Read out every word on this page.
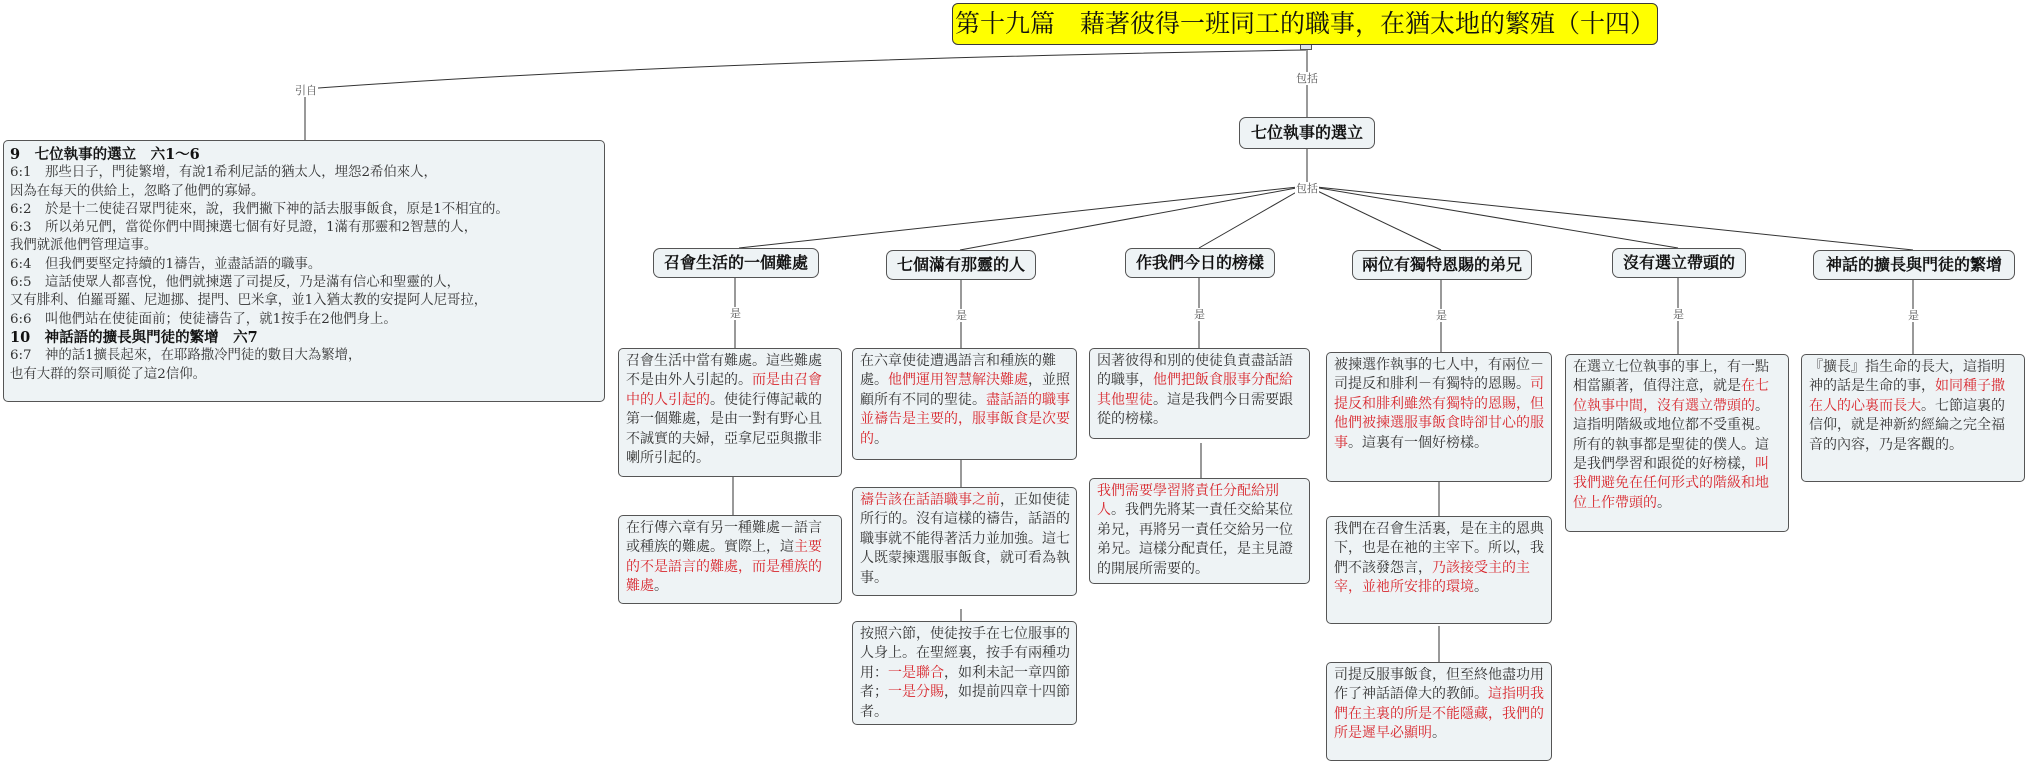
第十九篇　藉著彼得一班同工的職事，在猶太地的繁殖（十四）
引自
包括
包括
是	是	是	是	是	是
9　七位執事的選立　六1～6
6:1　那些日子，門徒繁增，有說1希利尼話的猶太人，埋怨2希伯來人，
因為在每天的供給上，忽略了他們的寡婦。
6:2　於是十二使徒召眾門徒來，說，我們撇下神的話去服事飯食，原是1不相宜的。
6:3　所以弟兄們，當從你們中間揀選七個有好見證，1滿有那靈和2智慧的人，
我們就派他們管理這事。
6:4　但我們要堅定持續的1禱告，並盡話語的職事。
6:5　這話使眾人都喜悅，他們就揀選了司提反，乃是滿有信心和聖靈的人，
又有腓利、伯羅哥羅、尼迦挪、提門、巴米拿，並1入猶太教的安提阿人尼哥拉，
6:6　叫他們站在使徒面前；使徒禱告了，就1按手在2他們身上。
10　神話語的擴長與門徒的繁增　六7
6:7　神的話1擴長起來，在耶路撒冷門徒的數目大為繁增，
也有大群的祭司順從了這2信仰。
七位執事的選立
召會生活的一個難處	七個滿有那靈的人	作我們今日的榜樣	兩位有獨特恩賜的弟兄	沒有選立帶頭的	神話的擴長與門徒的繁增
召會生活中當有難處。這些難處不是由外人引起的。而是由召會中的人引起的。使徒行傳記載的第一個難處，是由一對有野心且不誠實的夫婦，亞拿尼亞與撒非喇所引起的。
在行傳六章有另一種難處－語言或種族的難處。實際上，這主要的不是語言的難處，而是種族的難處。
在六章使徒遭遇語言和種族的難處。他們運用智慧解決難處，並照顧所有不同的聖徒。盡話語的職事並禱告是主要的，服事飯食是次要的。
禱告該在話語職事之前，正如使徒所行的。沒有這樣的禱告，話語的職事就不能得著活力並加強。這七人既蒙揀選服事飯食，就可看為執事。
按照六節，使徒按手在七位服事的人身上。在聖經裏，按手有兩種功用：一是聯合，如利未記一章四節者；一是分賜，如提前四章十四節者。
因著彼得和別的使徒負責盡話語的職事，他們把飯食服事分配給其他聖徒。這是我們今日需要跟從的榜樣。
我們需要學習將責任分配給別人。我們先將某一責任交給某位弟兄，再將另一責任交給另一位弟兄。這樣分配責任，是主見證的開展所需要的。
被揀選作執事的七人中，有兩位－司提反和腓利－有獨特的恩賜。司提反和腓利雖然有獨特的恩賜，但他們被揀選服事飯食時卻甘心的服事。這裏有一個好榜樣。
我們在召會生活裏，是在主的恩典下，也是在祂的主宰下。所以，我們不該發怨言，乃該接受主的主宰，並祂所安排的環境。
司提反服事飯食，但至終他盡功用作了神話語偉大的教師。這指明我們在主裏的所是不能隱藏，我們的所是遲早必顯明。
在選立七位執事的事上，有一點相當顯著，值得注意，就是在七位執事中間，沒有選立帶頭的。這指明階級或地位都不受重視。所有的執事都是聖徒的僕人。這是我們學習和跟從的好榜樣，叫我們避免在任何形式的階級和地位上作帶頭的。
『擴長』指生命的長大，這指明神的話是生命的事，如同種子撒在人的心裏而長大。七節這裏的信仰，就是神新約經綸之完全福音的內容，乃是客觀的。
